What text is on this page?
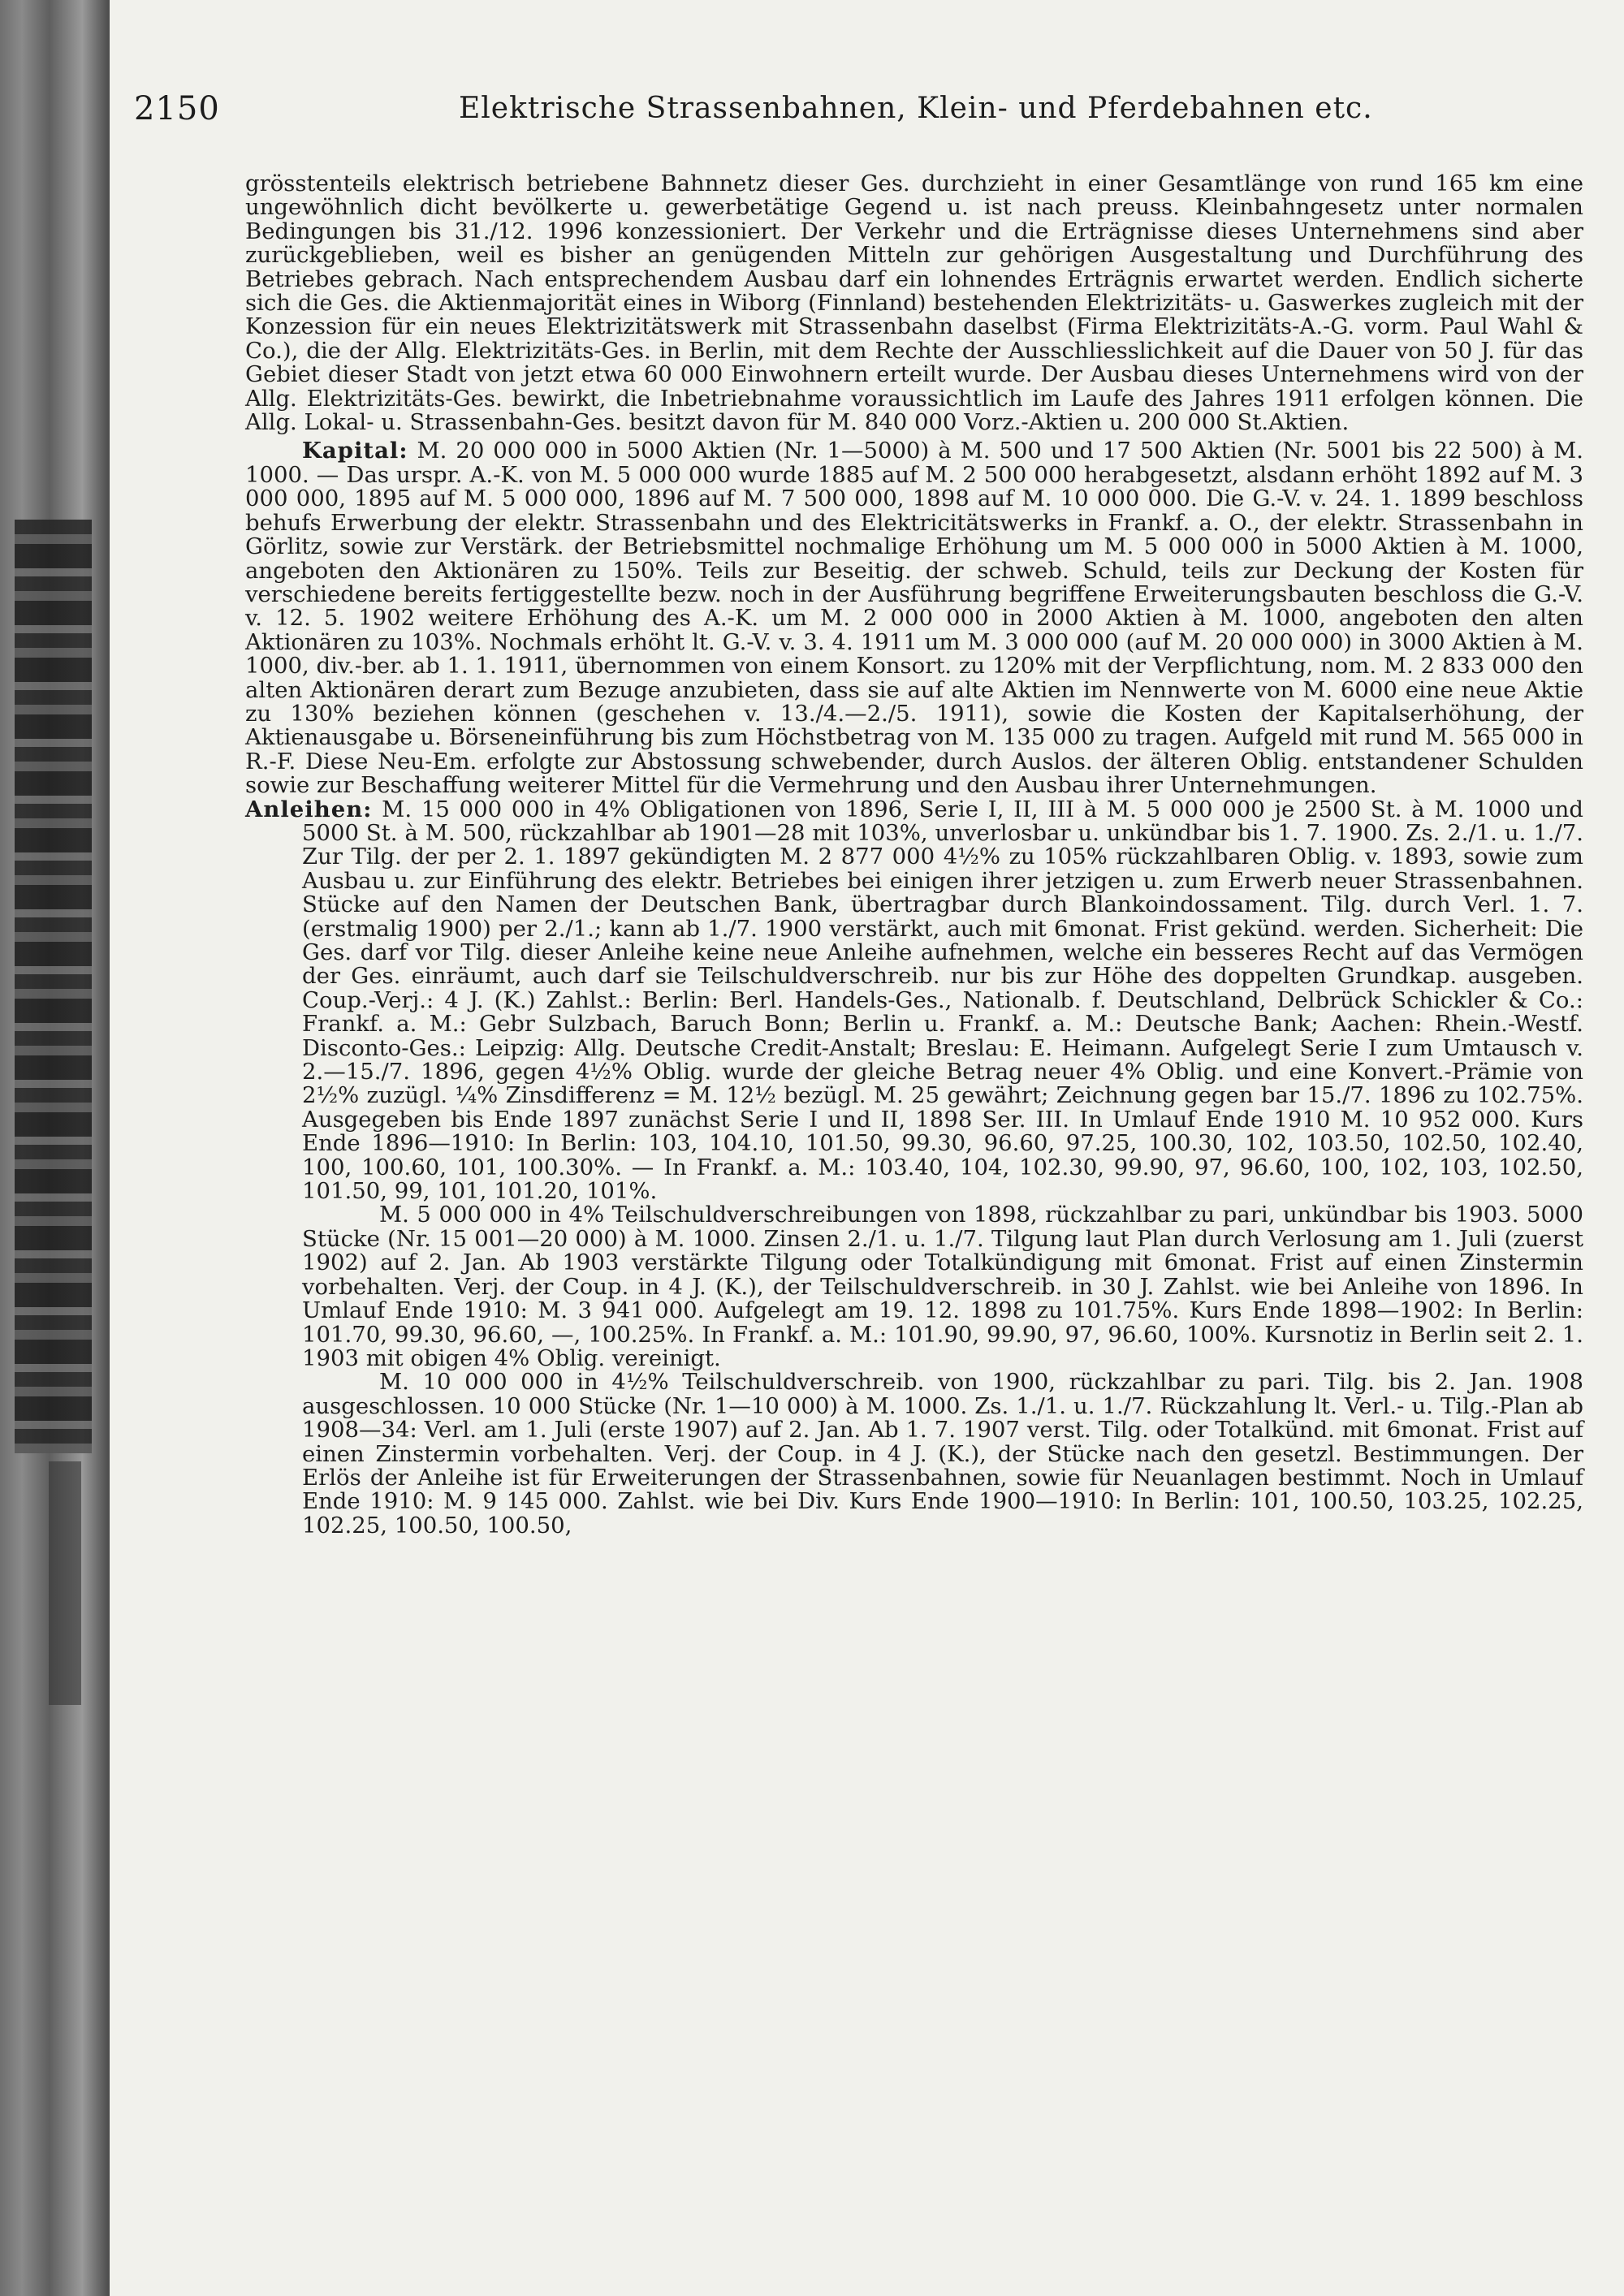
2150	Elektrische Strassenbahnen, Klein- und Pferdebahnen etc.

grösstenteils elektrisch betriebene Bahnnetz dieser Ges. durchzieht in einer Gesamtlänge von rund 165 km eine ungewöhnlich dicht bevölkerte u. gewerbetätige Gegend u. ist nach preuss. Kleinbahngesetz unter normalen Bedingungen bis 31./12. 1996 konzessioniert. Der Verkehr und die Erträgnisse dieses Unternehmens sind aber zurückgeblieben, weil es bisher an genügenden Mitteln zur gehörigen Ausgestaltung und Durchführung des Betriebes gebrach. Nach entsprechendem Ausbau darf ein lohnendes Erträgnis erwartet werden. Endlich sicherte sich die Ges. die Aktienmajorität eines in Wiborg (Finnland) bestehenden Elektrizitäts- u. Gaswerkes zugleich mit der Konzession für ein neues Elektrizitätswerk mit Strassenbahn daselbst (Firma Elektrizitäts-A.-G. vorm. Paul Wahl & Co.), die der Allg. Elektrizitäts-Ges. in Berlin, mit dem Rechte der Ausschliesslichkeit auf die Dauer von 50 J. für das Gebiet dieser Stadt von jetzt etwa 60 000 Einwohnern erteilt wurde. Der Ausbau dieses Unternehmens wird von der Allg. Elektrizitäts-Ges. bewirkt, die Inbetriebnahme voraussichtlich im Laufe des Jahres 1911 erfolgen können. Die Allg. Lokal- u. Strassenbahn-Ges. besitzt davon für M. 840 000 Vorz.-Aktien u. 200 000 St.Aktien.

Kapital: M. 20 000 000 in 5000 Aktien (Nr. 1—5000) à M. 500 und 17 500 Aktien (Nr. 5001 bis 22 500) à M. 1000. — Das urspr. A.-K. von M. 5 000 000 wurde 1885 auf M. 2 500 000 herabgesetzt, alsdann erhöht 1892 auf M. 3 000 000, 1895 auf M. 5 000 000, 1896 auf M. 7 500 000, 1898 auf M. 10 000 000. Die G.-V. v. 24. 1. 1899 beschloss behufs Erwerbung der elektr. Strassenbahn und des Elektricitätswerks in Frankf. a. O., der elektr. Strassenbahn in Görlitz, sowie zur Verstärk. der Betriebsmittel nochmalige Erhöhung um M. 5 000 000 in 5000 Aktien à M. 1000, angeboten den Aktionären zu 150%. Teils zur Beseitig. der schweb. Schuld, teils zur Deckung der Kosten für verschiedene bereits fertiggestellte bezw. noch in der Ausführung begriffene Erweiterungsbauten beschloss die G.-V. v. 12. 5. 1902 weitere Erhöhung des A.-K. um M. 2 000 000 in 2000 Aktien à M. 1000, angeboten den alten Aktionären zu 103%. Nochmals erhöht lt. G.-V. v. 3. 4. 1911 um M. 3 000 000 (auf M. 20 000 000) in 3000 Aktien à M. 1000, div.-ber. ab 1. 1. 1911, übernommen von einem Konsort. zu 120% mit der Verpflichtung, nom. M. 2 833 000 den alten Aktionären derart zum Bezuge anzubieten, dass sie auf alte Aktien im Nennwerte von M. 6000 eine neue Aktie zu 130% beziehen können (geschehen v. 13./4.—2./5. 1911), sowie die Kosten der Kapitalserhöhung, der Aktienausgabe u. Börseneinführung bis zum Höchstbetrag von M. 135 000 zu tragen. Aufgeld mit rund M. 565 000 in R.-F. Diese Neu-Em. erfolgte zur Abstossung schwebender, durch Auslos. der älteren Oblig. entstandener Schulden sowie zur Beschaffung weiterer Mittel für die Vermehrung und den Ausbau ihrer Unternehmungen.

Anleihen: M. 15 000 000 in 4% Obligationen von 1896, Serie I, II, III à M. 5 000 000 je 2500 St. à M. 1000 und 5000 St. à M. 500, rückzahlbar ab 1901—28 mit 103%, unverlosbar u. unkündbar bis 1. 7. 1900. Zs. 2./1. u. 1./7. Zur Tilg. der per 2. 1. 1897 gekündigten M. 2 877 000 4½% zu 105% rückzahlbaren Oblig. v. 1893, sowie zum Ausbau u. zur Einführung des elektr. Betriebes bei einigen ihrer jetzigen u. zum Erwerb neuer Strassenbahnen. Stücke auf den Namen der Deutschen Bank, übertragbar durch Blankoindossament. Tilg. durch Verl. 1. 7. (erstmalig 1900) per 2./1.; kann ab 1./7. 1900 verstärkt, auch mit 6monat. Frist gekünd. werden. Sicherheit: Die Ges. darf vor Tilg. dieser Anleihe keine neue Anleihe aufnehmen, welche ein besseres Recht auf das Vermögen der Ges. einräumt, auch darf sie Teilschuldverschreib. nur bis zur Höhe des doppelten Grundkap. ausgeben. Coup.-Verj.: 4 J. (K.) Zahlst.: Berlin: Berl. Handels-Ges., Nationalb. f. Deutschland, Delbrück Schickler & Co.: Frankf. a. M.: Gebr Sulzbach, Baruch Bonn; Berlin u. Frankf. a. M.: Deutsche Bank; Aachen: Rhein.-Westf. Disconto-Ges.: Leipzig: Allg. Deutsche Credit-Anstalt; Breslau: E. Heimann. Aufgelegt Serie I zum Umtausch v. 2.—15./7. 1896, gegen 4½% Oblig. wurde der gleiche Betrag neuer 4% Oblig. und eine Konvert.-Prämie von 2½% zuzügl. ¼% Zinsdifferenz = M. 12½ bezügl. M. 25 gewährt; Zeichnung gegen bar 15./7. 1896 zu 102.75%. Ausgegeben bis Ende 1897 zunächst Serie I und II, 1898 Ser. III. In Umlauf Ende 1910 M. 10 952 000. Kurs Ende 1896—1910: In Berlin: 103, 104.10, 101.50, 99.30, 96.60, 97.25, 100.30, 102, 103.50, 102.50, 102.40, 100, 100.60, 101, 100.30%. — In Frankf. a. M.: 103.40, 104, 102.30, 99.90, 97, 96.60, 100, 102, 103, 102.50, 101.50, 99, 101, 101.20, 101%.

M. 5 000 000 in 4% Teilschuldverschreibungen von 1898, rückzahlbar zu pari, unkündbar bis 1903. 5000 Stücke (Nr. 15 001—20 000) à M. 1000. Zinsen 2./1. u. 1./7. Tilgung laut Plan durch Verlosung am 1. Juli (zuerst 1902) auf 2. Jan. Ab 1903 verstärkte Tilgung oder Totalkündigung mit 6monat. Frist auf einen Zinstermin vorbehalten. Verj. der Coup. in 4 J. (K.), der Teilschuldverschreib. in 30 J. Zahlst. wie bei Anleihe von 1896. In Umlauf Ende 1910: M. 3 941 000. Aufgelegt am 19. 12. 1898 zu 101.75%. Kurs Ende 1898—1902: In Berlin: 101.70, 99.30, 96.60, —, 100.25%. In Frankf. a. M.: 101.90, 99.90, 97, 96.60, 100%. Kursnotiz in Berlin seit 2. 1. 1903 mit obigen 4% Oblig. vereinigt.

M. 10 000 000 in 4½% Teilschuldverschreib. von 1900, rückzahlbar zu pari. Tilg. bis 2. Jan. 1908 ausgeschlossen. 10 000 Stücke (Nr. 1—10 000) à M. 1000. Zs. 1./1. u. 1./7. Rückzahlung lt. Verl.- u. Tilg.-Plan ab 1908—34: Verl. am 1. Juli (erste 1907) auf 2. Jan. Ab 1. 7. 1907 verst. Tilg. oder Totalkünd. mit 6monat. Frist auf einen Zinstermin vorbehalten. Verj. der Coup. in 4 J. (K.), der Stücke nach den gesetzl. Bestimmungen. Der Erlös der Anleihe ist für Erweiterungen der Strassenbahnen, sowie für Neuanlagen bestimmt. Noch in Umlauf Ende 1910: M. 9 145 000. Zahlst. wie bei Div. Kurs Ende 1900—1910: In Berlin: 101, 100.50, 103.25, 102.25, 102.25, 100.50, 100.50,
